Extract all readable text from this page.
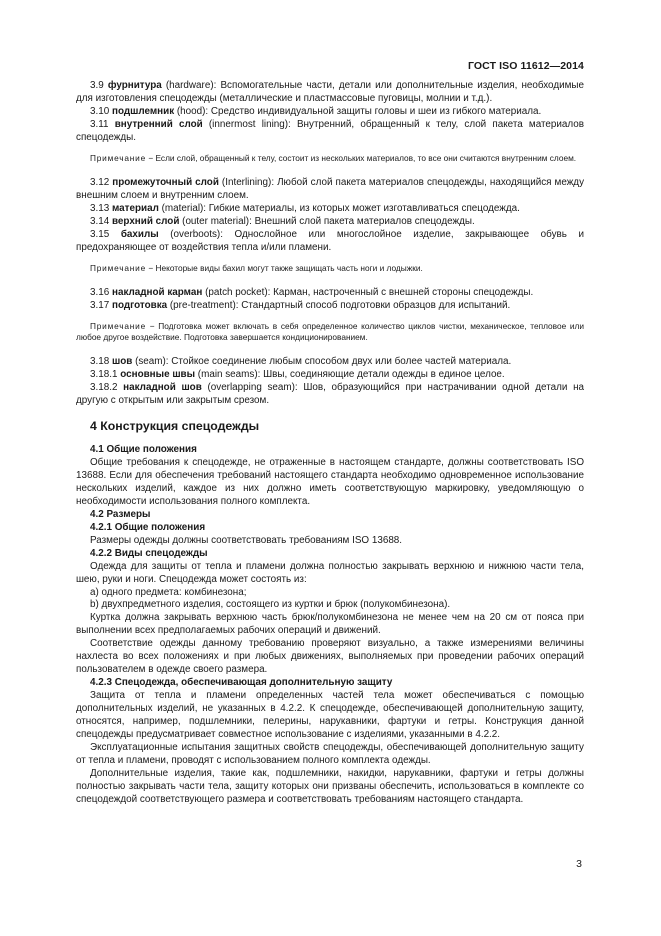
ГОСТ ISO 11612—2014

3.9 фурнитура (hardware): Вспомогательные части, детали или дополнительные изделия, необходимые для изготовления спецодежды (металлические и пластмассовые пуговицы, молнии и т.д.).

3.10 подшлемник (hood): Средство индивидуальной защиты головы и шеи из гибкого материала.

3.11 внутренний слой (innermost lining): Внутренний, обращенный к телу, слой пакета материалов спецодежды.

Примечание − Если слой, обращенный к телу, состоит из нескольких материалов, то все они считаются внутренним слоем.

3.12 промежуточный слой (Interlining): Любой слой пакета материалов спецодежды, находящийся между внешним слоем и внутренним слоем.

3.13 материал (material): Гибкие материалы, из которых может изготавливаться спецодежда.

3.14 верхний слой (outer material): Внешний слой пакета материалов спецодежды.

3.15 бахилы (overboots): Однослойное или многослойное изделие, закрывающее обувь и предохраняющее от воздействия тепла и/или пламени.

Примечание − Некоторые виды бахил могут также защищать часть ноги и лодыжки.

3.16 накладной карман (patch pocket): Карман, настроченный с внешней стороны спецодежды.

3.17 подготовка (pre-treatment): Стандартный способ подготовки образцов для испытаний.

Примечание − Подготовка может включать в себя определенное количество циклов чистки, механическое, тепловое или любое другое воздействие. Подготовка завершается кондиционированием.

3.18 шов (seam): Стойкое соединение любым способом двух или более частей материала.

3.18.1 основные швы (main seams): Швы, соединяющие детали одежды в единое целое.

3.18.2 накладной шов (overlapping seam): Шов, образующийся при настрачивании одной детали на другую с открытым или закрытым срезом.

4 Конструкция спецодежды

4.1 Общие положения

Общие требования к спецодежде, не отраженные в настоящем стандарте, должны соответствовать ISO 13688. Если для обеспечения требований настоящего стандарта необходимо одновременное использование нескольких изделий, каждое из них должно иметь соответствующую маркировку, уведомляющую о необходимости использования полного комплекта.

4.2 Размеры

4.2.1 Общие положения

Размеры одежды должны соответствовать требованиям ISO 13688.

4.2.2 Виды спецодежды

Одежда для защиты от тепла и пламени должна полностью закрывать верхнюю и нижнюю части тела, шею, руки и ноги. Спецодежда может состоять из:

a) одного предмета: комбинезона;

b) двухпредметного изделия, состоящего из куртки и брюк (полукомбинезона).

Куртка должна закрывать верхнюю часть брюк/полукомбинезона не менее чем на 20 см от пояса при выполнении всех предполагаемых рабочих операций и движений.

Соответствие одежды данному требованию проверяют визуально, а также измерениями величины нахлеста во всех положениях и при любых движениях, выполняемых при проведении рабочих операций пользователем в одежде своего размера.

4.2.3 Спецодежда, обеспечивающая дополнительную защиту

Защита от тепла и пламени определенных частей тела может обеспечиваться с помощью дополнительных изделий, не указанных в 4.2.2. К спецодежде, обеспечивающей дополнительную защиту, относятся, например, подшлемники, пелерины, нарукавники, фартуки и гетры. Конструкция данной спецодежды предусматривает совместное использование с изделиями, указанными в 4.2.2.

Эксплуатационные испытания защитных свойств спецодежды, обеспечивающей дополнительную защиту от тепла и пламени, проводят с использованием полного комплекта одежды.

Дополнительные изделия, такие как, подшлемники, накидки, нарукавники, фартуки и гетры должны полностью закрывать части тела, защиту которых они призваны обеспечить, использоваться в комплекте со спецодеждой соответствующего размера и соответствовать требованиям настоящего стандарта.

3
